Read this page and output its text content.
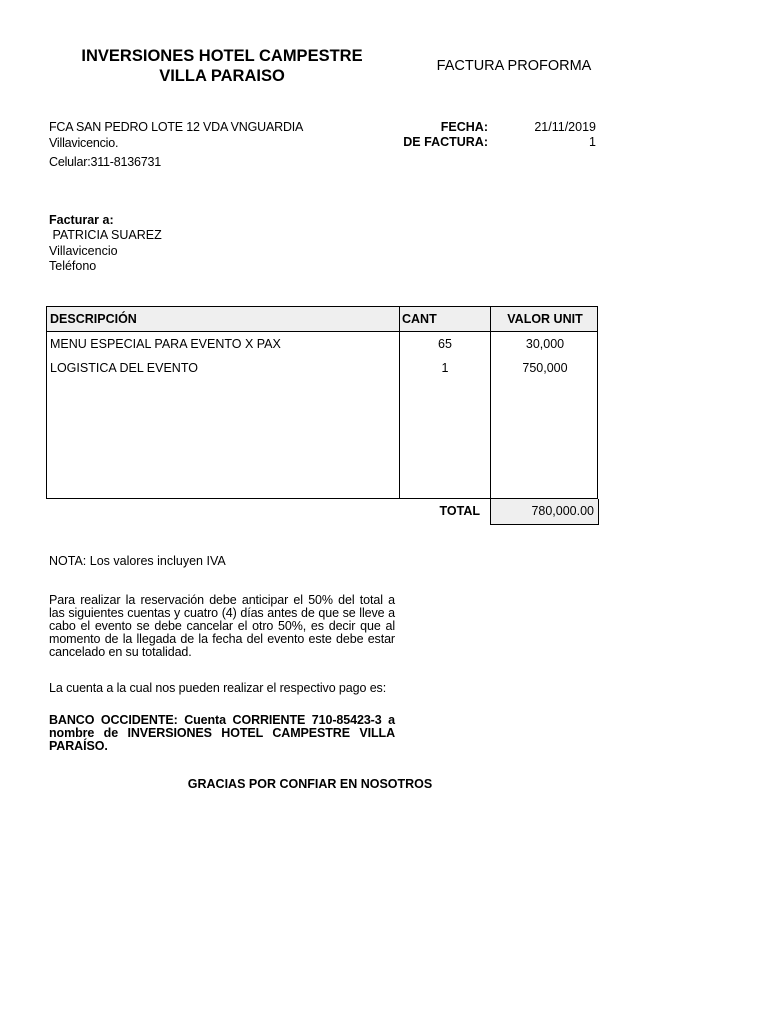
INVERSIONES HOTEL CAMPESTRE
VILLA PARAISO
FACTURA PROFORMA
FCA SAN PEDRO LOTE 12 VDA VNGUARDIA
Villavicencio.
Celular:311-8136731
FECHA:	21/11/2019
DE FACTURA:	1
Facturar a:
PATRICIA SUAREZ
Villavicencio
Teléfono
DESCRIPCIÓN	CANT	VALOR UNIT
MENU ESPECIAL PARA EVENTO X PAX	65	30,000
LOGISTICA DEL EVENTO	1	750,000
TOTAL	780,000.00
NOTA: Los valores incluyen IVA
Para realizar la reservación debe anticipar el 50% del total a las siguientes cuentas y cuatro (4) días antes de que se lleve a cabo el evento se debe cancelar el otro 50%, es decir que al momento de la llegada de la fecha del evento este debe estar cancelado en su totalidad.
La cuenta a la cual nos pueden realizar el respectivo pago es:
BANCO OCCIDENTE: Cuenta CORRIENTE 710-85423-3 a nombre de INVERSIONES HOTEL CAMPESTRE VILLA PARAÍSO.
GRACIAS POR CONFIAR EN NOSOTROS
